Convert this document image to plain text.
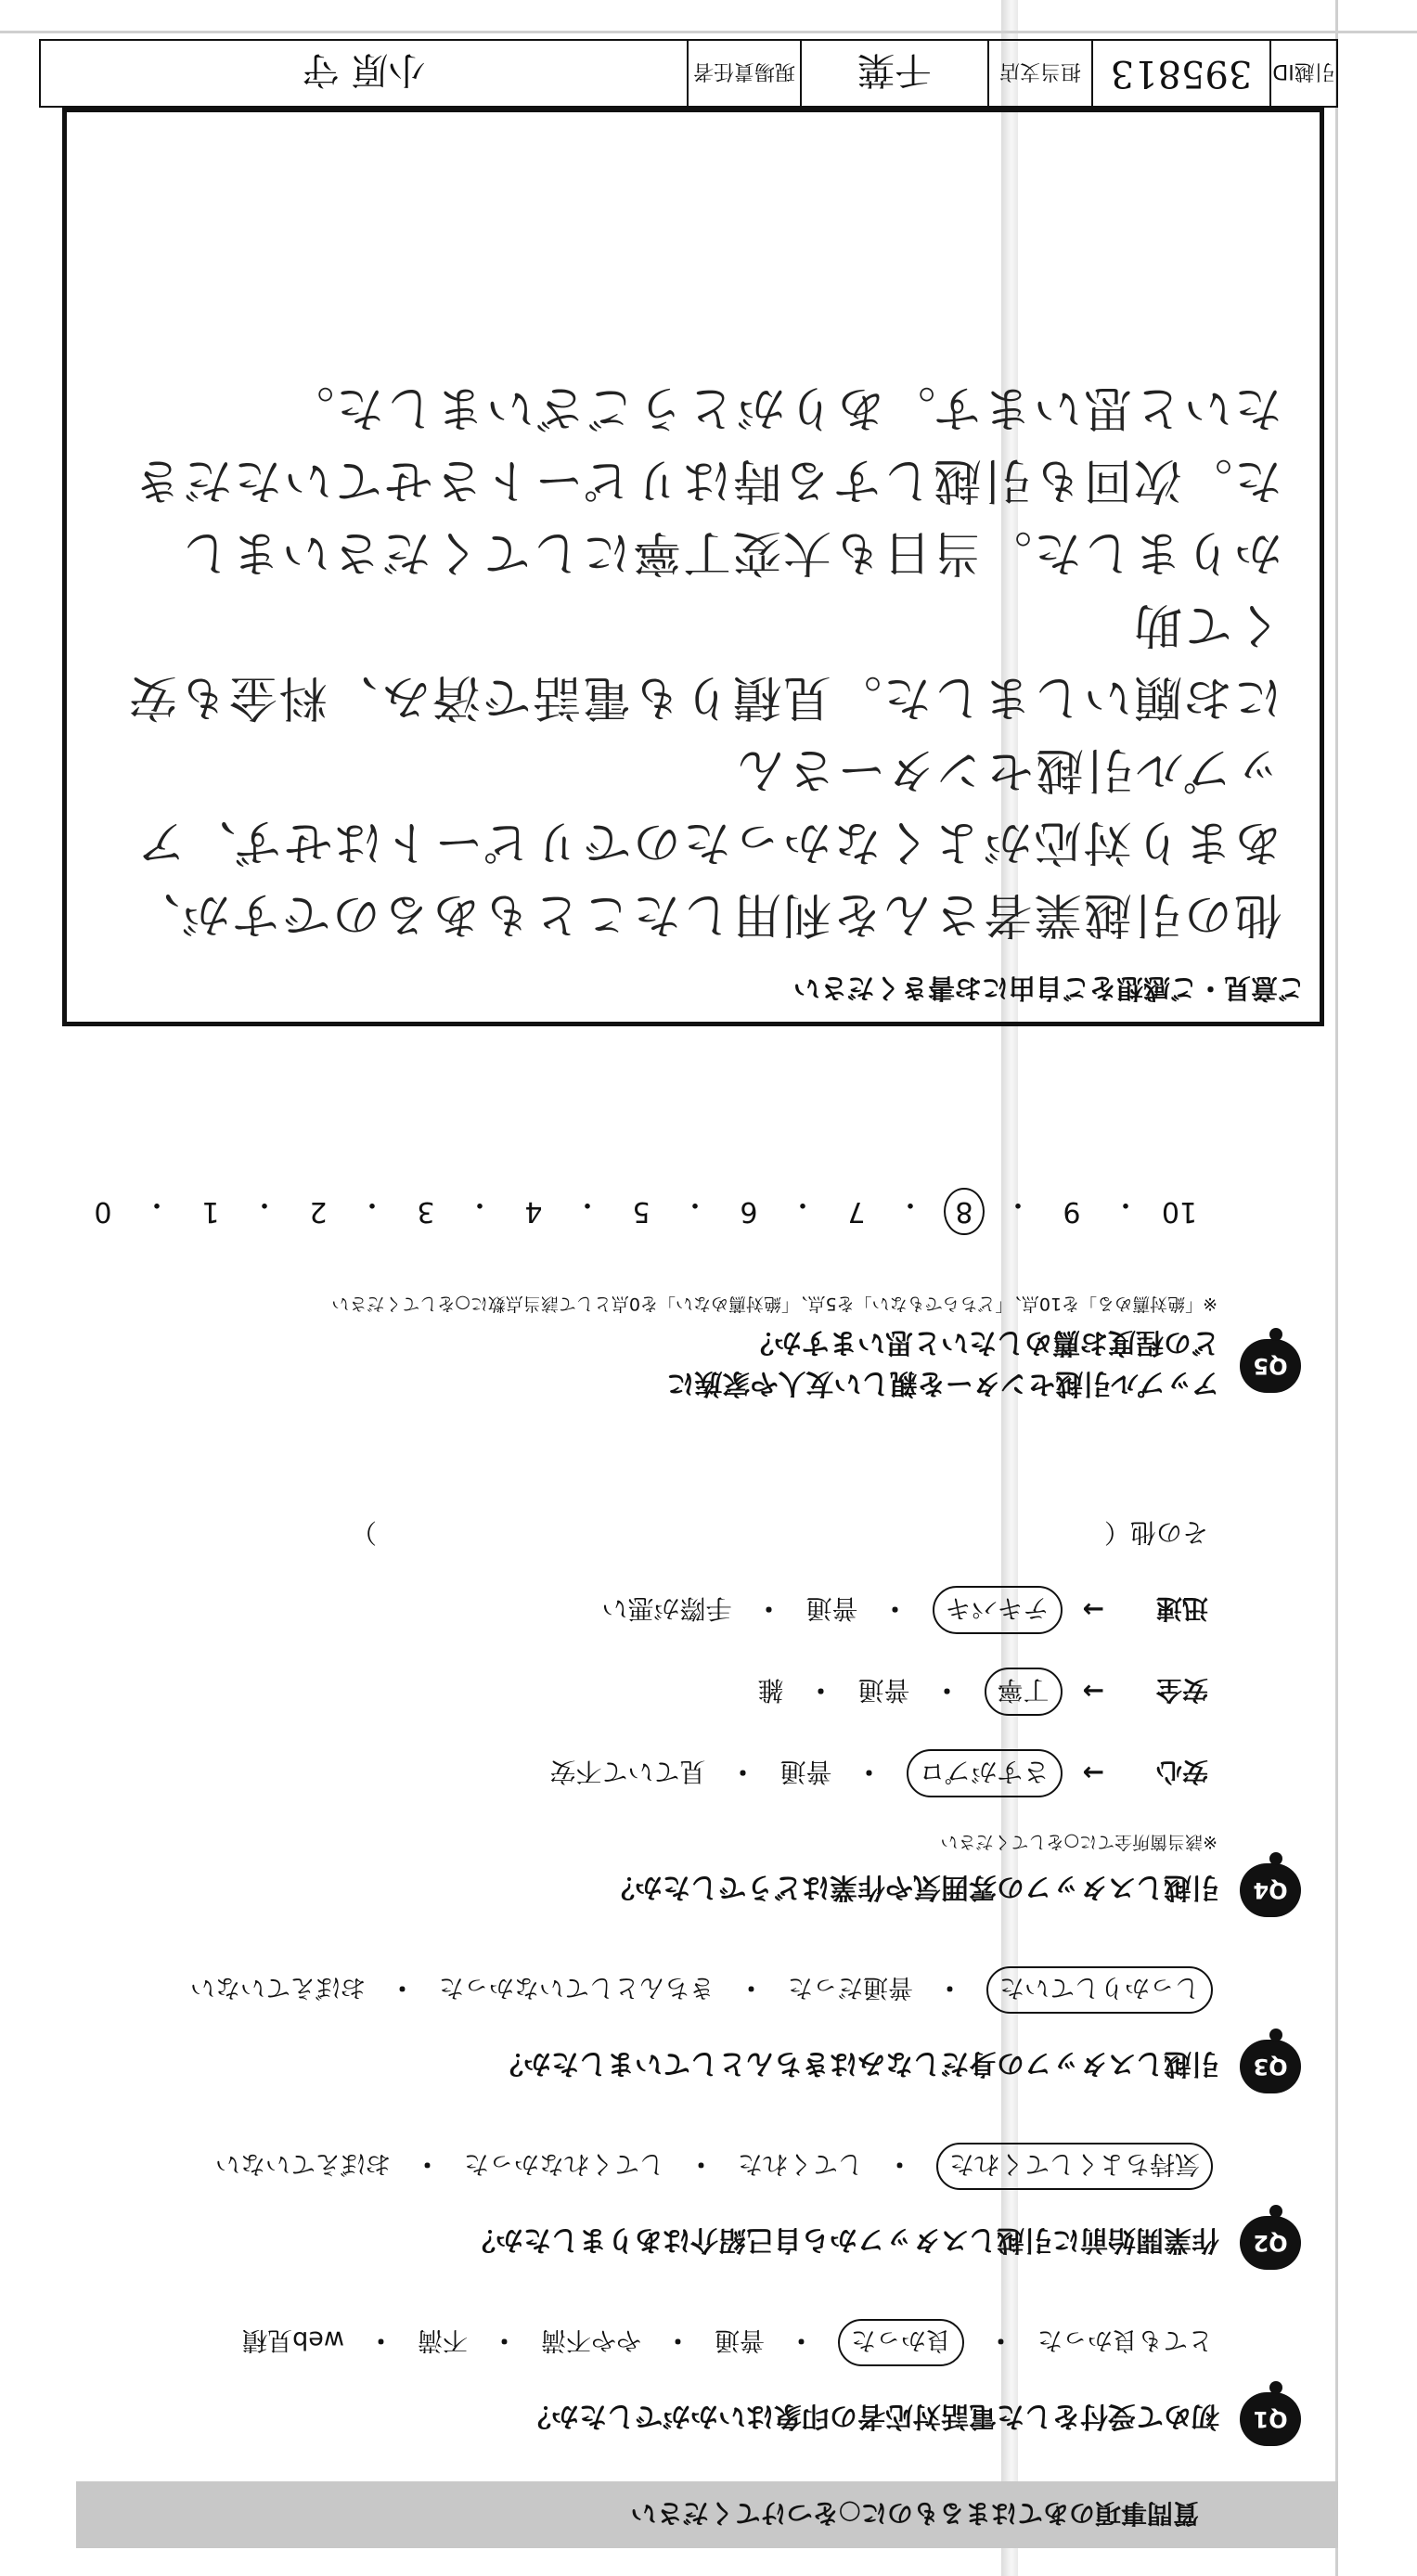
質問事項のあてはまるものに○をつけてください
Q1
初めて受付をした電話対応者の印象はいかがでしたか？
とても良かった
・
良かった
・
普通
・
やや不満
・
不満
・
web見積
Q2
作業開始前に引越しスタッフから自己紹介はありましたか？
気持ちよくしてくれた
・
してくれた
・
してくれなかった
・
おぼえていない
Q3
引越しスタッフの身だしなみはきちんとしていましたか？
しっかりしていた
・
普通だった
・
きちんとしていなかった
・
おぼえていない
Q4
引越しスタッフの雰囲気や作業はどうでしたか？
※該当箇所全てに○をしてください
安心
→
さすがプロ
・
普通
・
見ていて不安
安全
→
丁寧
・
普通
・
雑
迅速
→
テキパキ
・
普通
・
手際が悪い
その他（　　　　　　　　　　　　　　　　　　　　　　　　　　　　）
Q5
アップル引越センターを親しい友人や家族に
どの程度お薦めしたいと思いますか？
※「絶対薦める」を10点、「どちらでもない」を5点、「絶対薦めない」を0点として該当点数に○をしてください
10
・
9
・
8
・
7
・
6
・
5
・
4
・
3
・
2
・
1
・
0
ご意見・ご感想をご自由にお書きください
他の引越業者さんを利用したこともあるのですが、
あまり対応がよくなかったのでリピートはせず、アップル引越センターさん
にお願いしました。見積りも電話で済み、料金も安くて助
かりました。当日も大変丁寧にしてくださいました。次回も引越しする時はリピートさせていただき
たいと思います。ありがとうございました。
引越ID
395813
担当支店
千葉
現場責任者
小原 守
